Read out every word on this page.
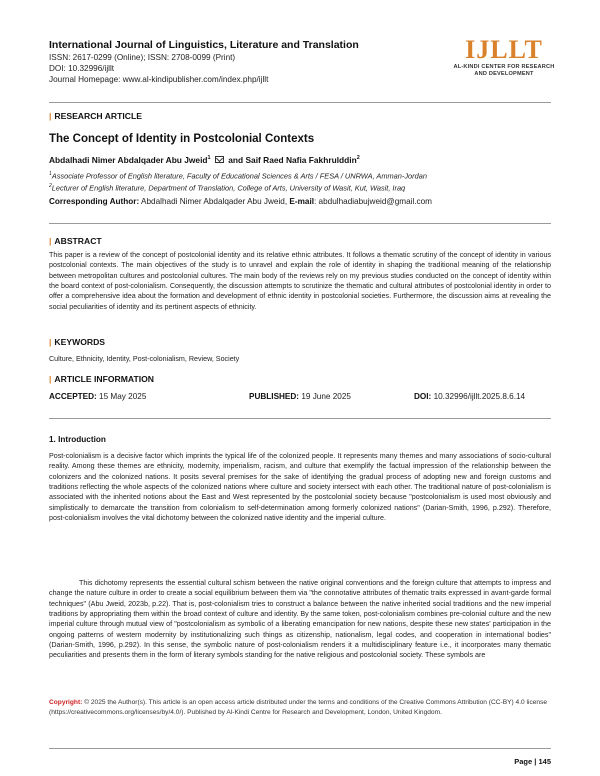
International Journal of Linguistics, Literature and Translation
ISSN: 2617-0299 (Online); ISSN: 2708-0099 (Print)
DOI: 10.32996/ijllt
Journal Homepage: www.al-kindipublisher.com/index.php/ijllt
IJLLT
AL-KINDI CENTER FOR RESEARCH
AND DEVELOPMENT
| RESEARCH ARTICLE
The Concept of Identity in Postcolonial Contexts
Abdalhadi Nimer Abdalqader Abu Jweid$^1$ and Saif Raed Nafia Fakhrulddin$^2$
$^1$Associate Professor of English literature, Faculty of Educational Sciences & Arts / FESA / UNRWA, Amman-Jordan
$^2$Lecturer of English literature, Department of Translation, College of Arts, University of Wasit, Kut, Wasit, Iraq
Corresponding Author: Abdalhadi Nimer Abdalqader Abu Jweid, E-mail: abdulhadiabujweid@gmail.com
| ABSTRACT
This paper is a review of the concept of postcolonial identity and its relative ethnic attributes. It follows a thematic scrutiny of the concept of identity in various postcolonial contexts. The main objectives of the study is to unravel and explain the role of identity in shaping the traditional meaning of the relationship between metropolitan cultures and postcolonial cultures. The main body of the reviews rely on my previous studies conducted on the concept of identity within the board context of post-colonialism. Consequently, the discussion attempts to scrutinize the thematic and cultural attributes of postcolonial identity in order to offer a comprehensive idea about the formation and development of ethnic identity in postcolonial societies. Furthermore, the discussion aims at revealing the social peculiarities of identity and its pertinent aspects of ethnicity.
| KEYWORDS
Culture, Ethnicity, Identity, Post-colonialism, Review, Society
| ARTICLE INFORMATION
ACCEPTED: 15 May 2025	PUBLISHED: 19 June 2025	DOI: 10.32996/ijllt.2025.8.6.14
1. Introduction
Post-colonialism is a decisive factor which imprints the typical life of the colonized people. It represents many themes and many associations of socio-cultural reality. Among these themes are ethnicity, modernity, imperialism, racism, and culture that exemplify the factual impression of the relationship between the colonizers and the colonized nations. It posits several premises for the sake of identifying the gradual process of adopting new and foreign customs and traditions reflecting the whole aspects of the colonized nations where culture and society intersect with each other. The traditional nature of post-colonialism is associated with the inherited notions about the East and West represented by the postcolonial society because "postcolonialism is used most obviously and simplistically to demarcate the transition from colonialism to self-determination among formerly colonized nations" (Darian-Smith, 1996, p.292). Therefore, post-colonialism involves the vital dichotomy between the colonized native identity and the imperial culture.
This dichotomy represents the essential cultural schism between the native original conventions and the foreign culture that attempts to impress and change the nature culture in order to create a social equilibrium between them via "the connotative attributes of thematic traits expressed in avant-garde formal techniques" (Abu Jweid, 2023b, p.22). That is, post-colonialism tries to construct a balance between the native inherited social traditions and the new imperial traditions by appropriating them within the broad context of culture and identity. By the same token, post-colonialism combines pre-colonial culture and the new imperial culture through mutual view of "postcolonialism as symbolic of a liberating emancipation for new nations, despite these new states' participation in the ongoing patterns of western modernity by institutionalizing such things as citizenship, nationalism, legal codes, and cooperation in international bodies" (Darian-Smith, 1996, p.292). In this sense, the symbolic nature of post-colonialism renders it a multidisciplinary feature i.e., it incorporates many thematic peculiarities and presents them in the form of literary symbols standing for the native religious and postcolonial society. These symbols are
Copyright: © 2025 the Author(s). This article is an open access article distributed under the terms and conditions of the Creative Commons Attribution (CC-BY) 4.0 license (https://creativecommons.org/licenses/by/4.0/). Published by Al-Kindi Centre for Research and Development, London, United Kingdom.
Page | 145
